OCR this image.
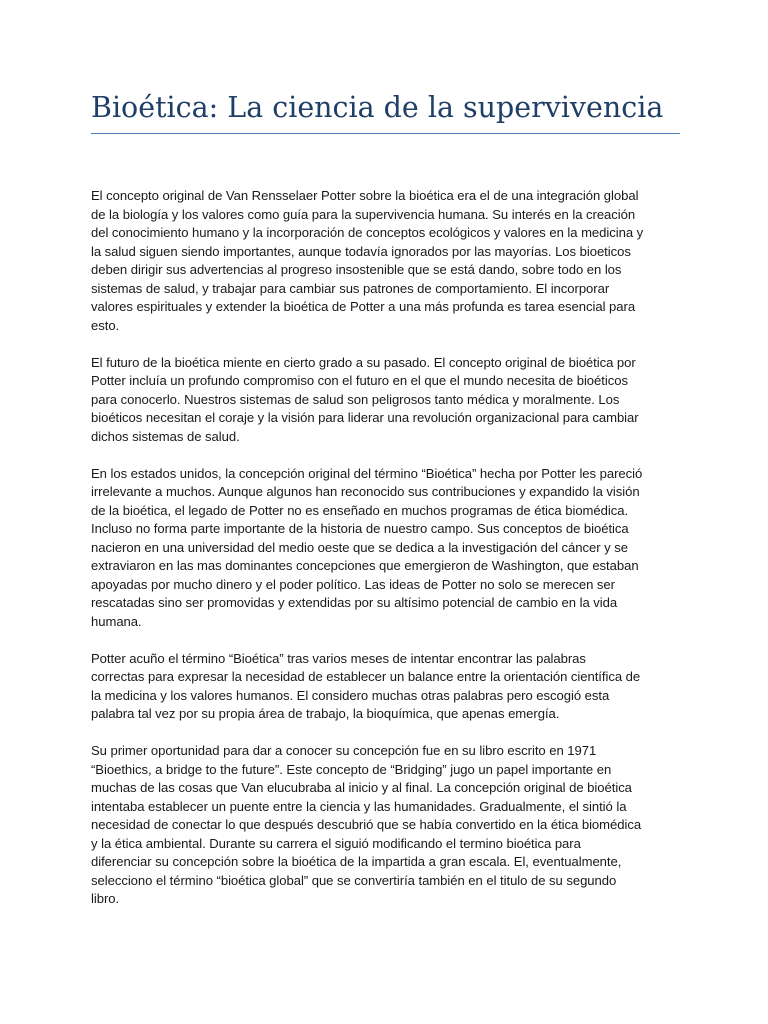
Bioética: La ciencia de la supervivencia

El concepto original de Van Rensselaer Potter sobre la bioética era el de una integración global
de la biología y los valores como guía para la supervivencia humana. Su interés en la creación
del conocimiento humano y la incorporación de conceptos ecológicos y valores en la medicina y
la salud siguen siendo importantes, aunque todavía ignorados por las mayorías. Los bioeticos
deben dirigir sus advertencias al progreso insostenible que se está dando, sobre todo en los
sistemas de salud, y trabajar para cambiar sus patrones de comportamiento. El incorporar
valores espirituales y extender la bioética de Potter a una más profunda es tarea esencial para
esto.

El futuro de la bioética miente en cierto grado a su pasado. El concepto original de bioética por
Potter incluía un profundo compromiso con el futuro en el que el mundo necesita de bioéticos
para conocerlo. Nuestros sistemas de salud son peligrosos tanto médica y moralmente. Los
bioéticos necesitan el coraje y la visión para liderar una revolución organizacional para cambiar
dichos sistemas de salud.

En los estados unidos, la concepción original del término “Bioética” hecha por Potter les pareció
irrelevante a muchos. Aunque algunos han reconocido sus contribuciones y expandido la visión
de la bioética, el legado de Potter no es enseñado en muchos programas de ética biomédica.
Incluso no forma parte importante de la historia de nuestro campo. Sus conceptos de bioética
nacieron en una universidad del medio oeste que se dedica a la investigación del cáncer y se
extraviaron en las mas dominantes concepciones que emergieron de Washington, que estaban
apoyadas por mucho dinero y el poder político. Las ideas de Potter no solo se merecen ser
rescatadas sino ser promovidas y extendidas por su altísimo potencial de cambio en la vida
humana.

Potter acuño el término “Bioética” tras varios meses de intentar encontrar las palabras
correctas para expresar la necesidad de establecer un balance entre la orientación científica de
la medicina y los valores humanos. El considero muchas otras palabras pero escogió esta
palabra tal vez por su propia área de trabajo, la bioquímica, que apenas emergía.

Su primer oportunidad para dar a conocer su concepción fue en su libro escrito en 1971
“Bioethics, a bridge to the future”. Este concepto de “Bridging” jugo un papel importante en
muchas de las cosas que Van elucubraba al inicio y al final. La concepción original de bioética
intentaba establecer un puente entre la ciencia y las humanidades. Gradualmente, el sintió la
necesidad de conectar lo que después descubrió que se había convertido en la ética biomédica
y la ética ambiental. Durante su carrera el siguió modificando el termino bioética para
diferenciar su concepción sobre la bioética de la impartida a gran escala. El, eventualmente,
selecciono el término “bioética global” que se convertiría también en el titulo de su segundo
libro.
